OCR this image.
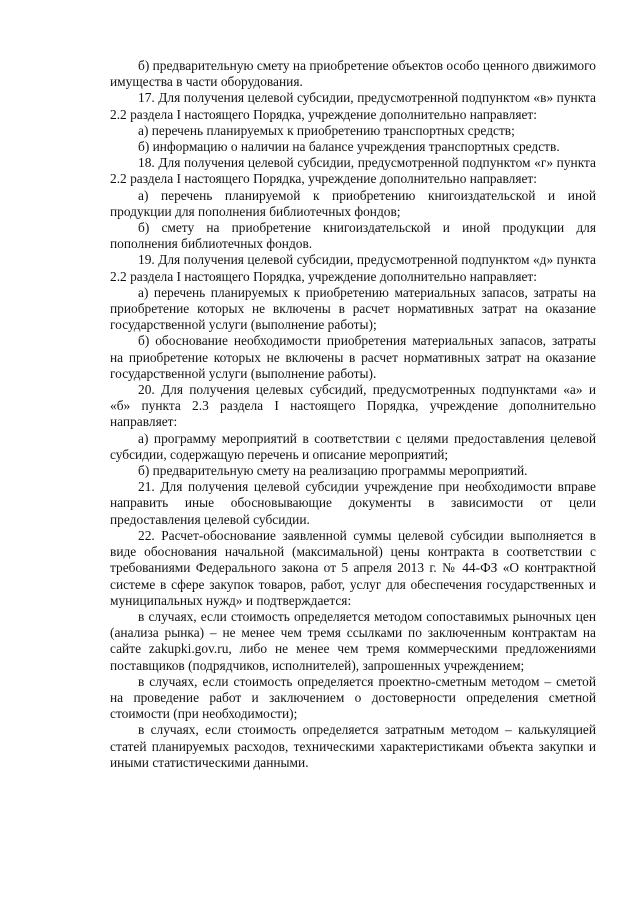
б) предварительную смету на приобретение объектов особо ценного движимого имущества в части оборудования.

17. Для получения целевой субсидии, предусмотренной подпунктом «в» пункта 2.2 раздела I настоящего Порядка, учреждение дополнительно направляет:

а) перечень планируемых к приобретению транспортных средств;

б) информацию о наличии на балансе учреждения транспортных средств.

18. Для получения целевой субсидии, предусмотренной подпунктом «г» пункта 2.2 раздела I настоящего Порядка, учреждение дополнительно направляет:

а) перечень планируемой к приобретению книгоиздательской и иной продукции для пополнения библиотечных фондов;

б) смету на приобретение книгоиздательской и иной продукции для пополнения библиотечных фондов.

19. Для получения целевой субсидии, предусмотренной подпунктом «д» пункта 2.2 раздела I настоящего Порядка, учреждение дополнительно направляет:

а) перечень планируемых к приобретению материальных запасов, затраты на приобретение которых не включены в расчет нормативных затрат на оказание государственной услуги (выполнение работы);

б) обоснование необходимости приобретения материальных запасов, затраты на приобретение которых не включены в расчет нормативных затрат на оказание государственной услуги (выполнение работы).

20. Для получения целевых субсидий, предусмотренных подпунктами «а» и «б» пункта 2.3 раздела I настоящего Порядка, учреждение дополнительно направляет:

а) программу мероприятий в соответствии с целями предоставления целевой субсидии, содержащую перечень и описание мероприятий;

б) предварительную смету на реализацию программы мероприятий.

21. Для получения целевой субсидии учреждение при необходимости вправе направить иные обосновывающие документы в зависимости от цели предоставления целевой субсидии.

22. Расчет-обоснование заявленной суммы целевой субсидии выполняется в виде обоснования начальной (максимальной) цены контракта в соответствии с требованиями Федерального закона от 5 апреля 2013 г. № 44-ФЗ «О контрактной системе в сфере закупок товаров, работ, услуг для обеспечения государственных и муниципальных нужд» и подтверждается:

в случаях, если стоимость определяется методом сопоставимых рыночных цен (анализа рынка) – не менее чем тремя ссылками по заключенным контрактам на сайте zakupki.gov.ru, либо не менее чем тремя коммерческими предложениями поставщиков (подрядчиков, исполнителей), запрошенных учреждением;

в случаях, если стоимость определяется проектно-сметным методом – сметой на проведение работ и заключением о достоверности определения сметной стоимости (при необходимости);

в случаях, если стоимость определяется затратным методом – калькуляцией статей планируемых расходов, техническими характеристиками объекта закупки и иными статистическими данными.
